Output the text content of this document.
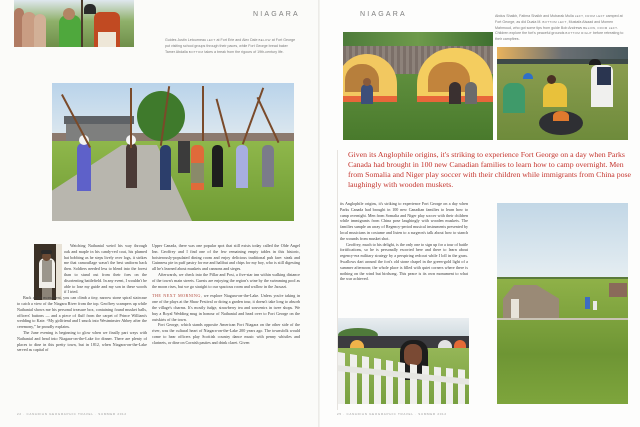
NIAGARA
Guides Justin Letourneau LEFT at Fort Erie and Alex Dale BELOW at Fort George put visiting school groups through their paces, while Fort George bread baker Tamer Abdalla BOTTOM takes a break from the rigours of 19th-century life.

Watching Nathanial weird his way through oak and maple in his candy-red coat, his plumed hat bobbing as he steps lively over logs, it strikes me that camouflage wasn't the best uniform back then. Soldiers needed less to blend into the forest than to stand out from their foes on the disorienting battlefield. In any event, I wouldn't be able to lose my guide and my son in these woods if I tried.

Back at the monument, you can climb a tiny, narrow stone spiral staircase to catch a view of the Niagara River from the top. Geoffrey scampers up while Nathanial shows me his personal treasure box, containing found musket balls, officers' buttons — and a piece of fluff from the carpet of Prince William's wedding to Kate. “My girlfriend and I snuck into Westminster Abbey after the ceremony,” he proudly explains.

The June evening is beginning to glow when we finally part ways with Nathanial and head into Niagara-on-the-Lake for dinner. There are plenty of places to dine in this pretty town, but in 1812, when Niagara-on-the-Lake served as capital of

Upper Canada, there was one popular spot that still exists today called the Olde Angel Inn. Geoffrey and I find one of the few remaining empty tables in this historic, boisterously-populated dining room and enjoy delicious traditional pub fare: steak and Guinness pie in puff pastry for me and halibut and chips for my boy, who is still digesting all he's learned about muskets and cannons and sieges.

Afterwards, we check into the Pillar and Post, a five-star inn within walking distance of the town's main streets. Guests are enjoying the region's wine by the swimming pool as the moon rises, but we go straight to our spacious room and wallow in the Jacuzzi.

THE NEXT MORNING, we explore Niagara-on-the-Lake. Unless you're taking in one of the plays at the Shaw Festival or doing a garden tour, it doesn't take long to absorb the village's charms. It's mostly fudge, strawberry tea and souvenirs in twee shops. We buy a Royal Wedding mug in honour of Nathanial and head over to Fort George on the outskirts of the town.

Fort George, which stands opposite American Fort Niagara on the other side of the river, was the cultural heart of Niagara-on-the-Lake 200 years ago. The townsfolk would come to hear officers play Scottish country dance music with penny whistles and clarinets, or dine on Cornish pasties and drink claret. Given

22 · CANADIAN GEOGRAPHIC TRAVEL · SUMMER 2012
NIAGARA	Abdus Shaikh, Fatima Shaikh and Mubarak Mulla LEFT, FROM LEFT camped at Fort George, as did Duaia M. BOTTOM LEFT, Mustafa Alsaad and Momen Mahmoud, who got some tips from guide Bob Andrews BELOW, FROM LEFT. Children explore the fort's peaceful grounds BOTTOM RIGHT before retreating to their campfires.
Given its Anglophile origins, it's striking to experience Fort George on a day when Parks Canada had brought in 100 new Canadian families to learn how to camp overnight. Men from Somalia and Niger play soccer with their children while immigrants from China pose laughingly with wooden muskets.

its Anglophile origins, it's striking to experience Fort George on a day when Parks Canada had brought in 100 new Canadian families to learn how to camp overnight. Men from Somalia and Niger play soccer with their children while immigrants from China pose laughingly with wooden muskets. The families sample an array of Regency-period musical instruments presented by local musicians in costume and listen to a surgeon's talk about how to stanch the wounds from musket shot.

Geoffrey, much to his delight, is the only one to sign up for a tour of battle fortifications, so he is personally escorted here and there to learn about regency-era military strategy by a perspiring redcoat while I loll in the grass. Swallows dart around the fort's old stone chapel in the green-gold light of a summer afternoon; the whole place is filled with quiet corners where there is nothing on the wind but birdsong. This peace is its own monument to what the war achieved.

25 · CANADIAN GEOGRAPHIC TRAVEL · SUMMER 2012
